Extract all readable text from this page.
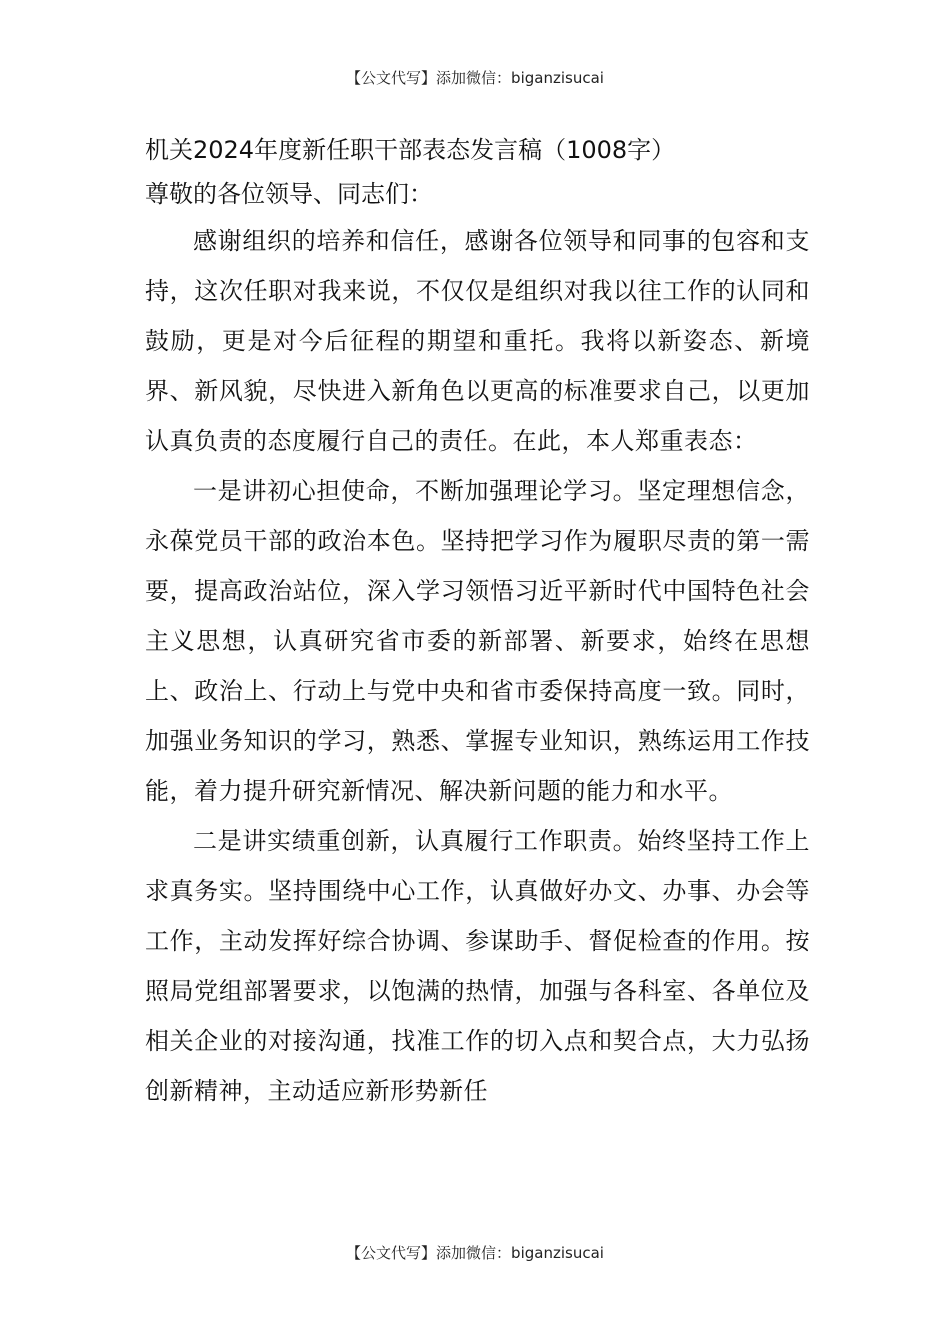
【公文代写】添加微信：biganzisucai
机关2024年度新任职干部表态发言稿（1008字）

尊敬的各位领导、同志们：

感谢组织的培养和信任，感谢各位领导和同事的包容和支持，这次任职对我来说，不仅仅是组织对我以往工作的认同和鼓励，更是对今后征程的期望和重托。我将以新姿态、新境界、新风貌，尽快进入新角色以更高的标准要求自己，以更加认真负责的态度履行自己的责任。在此，本人郑重表态：

一是讲初心担使命，不断加强理论学习。坚定理想信念，永葆党员干部的政治本色。坚持把学习作为履职尽责的第一需要，提高政治站位，深入学习领悟习近平新时代中国特色社会主义思想，认真研究省市委的新部署、新要求，始终在思想上、政治上、行动上与党中央和省市委保持高度一致。同时，加强业务知识的学习，熟悉、掌握专业知识，熟练运用工作技能，着力提升研究新情况、解决新问题的能力和水平。

二是讲实绩重创新，认真履行工作职责。始终坚持工作上求真务实。坚持围绕中心工作，认真做好办文、办事、办会等工作，主动发挥好综合协调、参谋助手、督促检查的作用。按照局党组部署要求，以饱满的热情，加强与各科室、各单位及相关企业的对接沟通，找准工作的切入点和契合点，大力弘扬创新精神，主动适应新形势新任

【公文代写】添加微信：biganzisucai
